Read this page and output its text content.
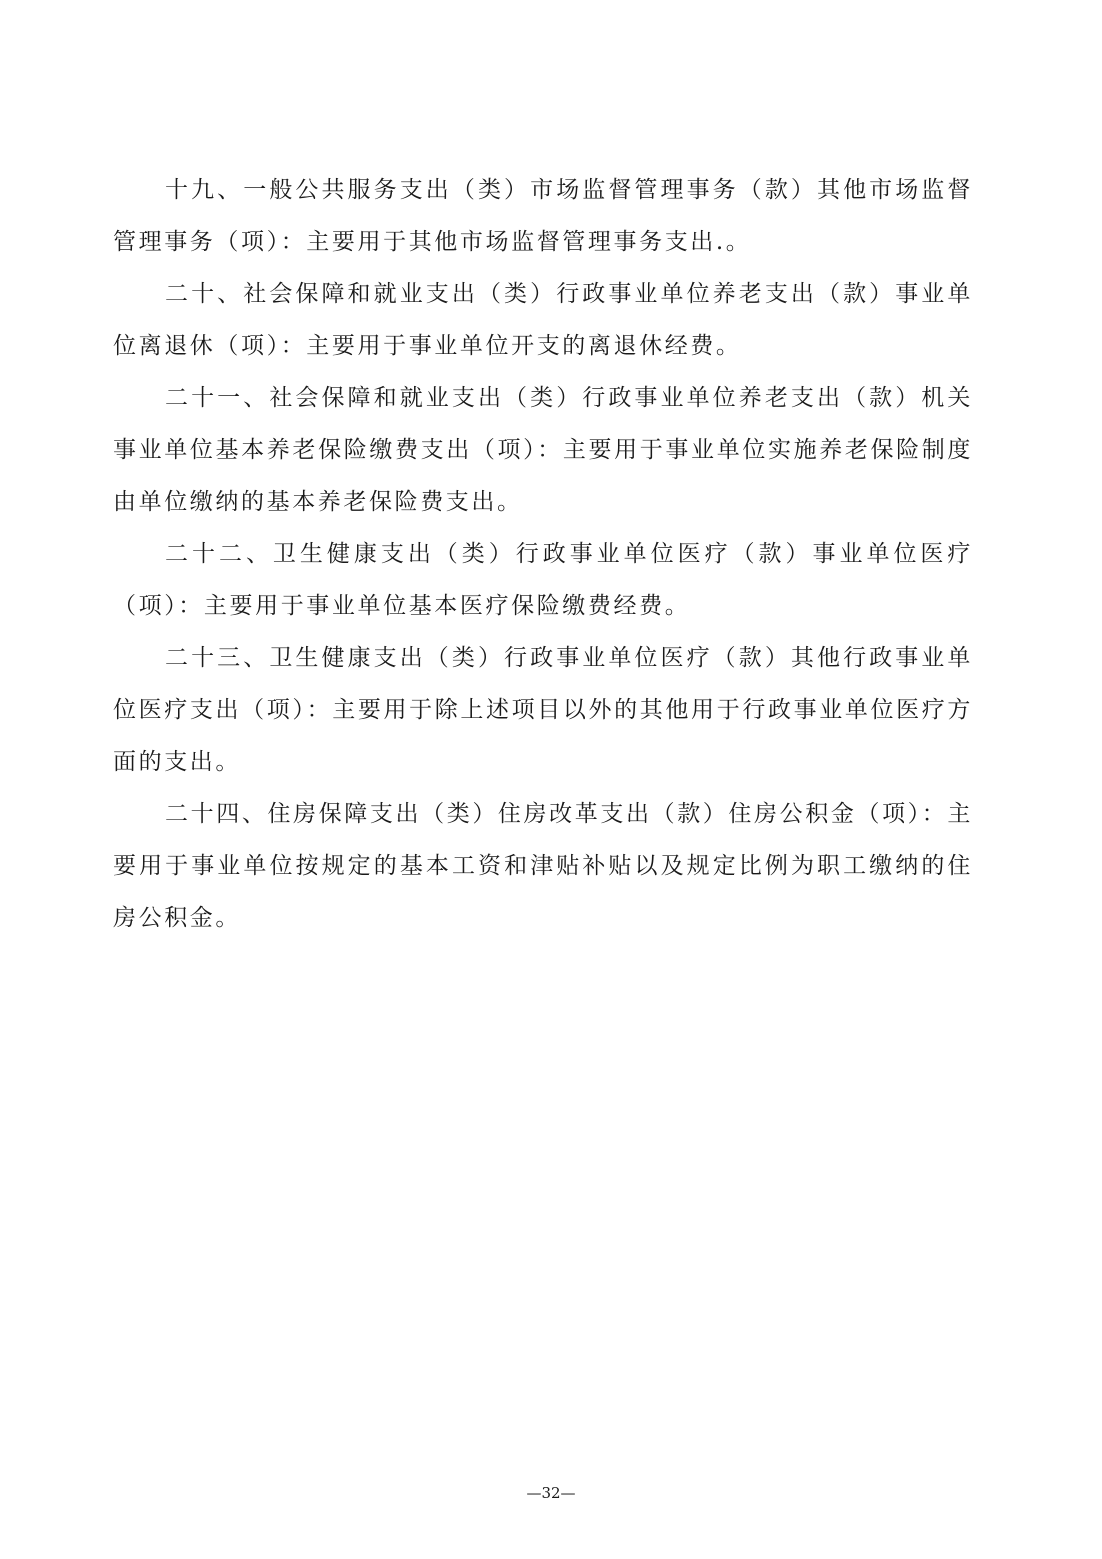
十九、一般公共服务支出（类）市场监督管理事务（款）其他市场监督管理事务（项）：主要用于其他市场监督管理事务支出.。

二十、社会保障和就业支出（类）行政事业单位养老支出（款）事业单位离退休（项）：主要用于事业单位开支的离退休经费。

二十一、社会保障和就业支出（类）行政事业单位养老支出（款）机关事业单位基本养老保险缴费支出（项）：主要用于事业单位实施养老保险制度由单位缴纳的基本养老保险费支出。

二十二、卫生健康支出（类）行政事业单位医疗（款）事业单位医疗（项）：主要用于事业单位基本医疗保险缴费经费。

二十三、卫生健康支出（类）行政事业单位医疗（款）其他行政事业单位医疗支出（项）：主要用于除上述项目以外的其他用于行政事业单位医疗方面的支出。

二十四、住房保障支出（类）住房改革支出（款）住房公积金（项）：主要用于事业单位按规定的基本工资和津贴补贴以及规定比例为职工缴纳的住房公积金。

—32—
